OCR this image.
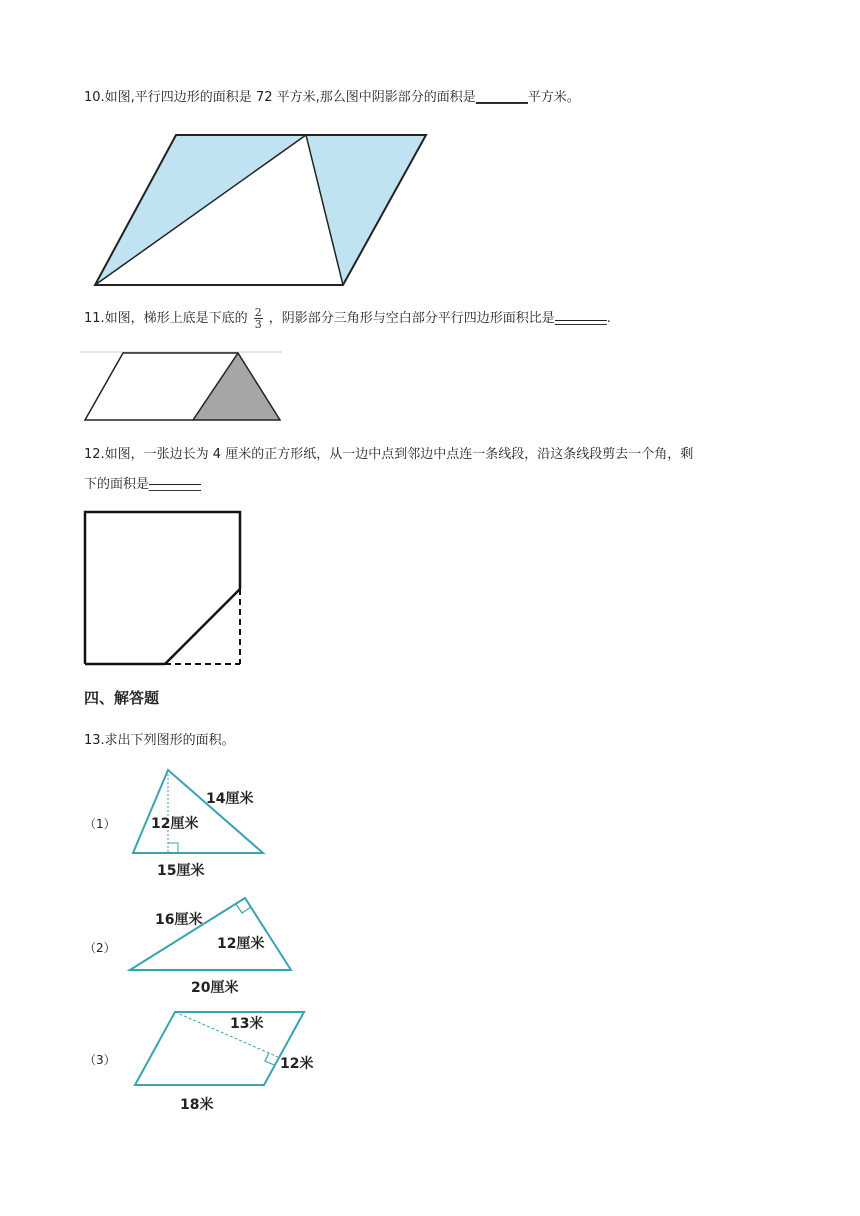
10.如图,平行四边形的面积是 72 平方米,那么图中阴影部分的面积是________平方米。
11.如图，梯形上底是下底的 $\frac{2}{3}$ ，阴影部分三角形与空白部分平行四边形面积比是________.
12.如图，一张边长为 4 厘米的正方形纸，从一边中点到邻边中点连一条线段，沿这条线段剪去一个角，剩
下的面积是________
四、解答题
13.求出下列图形的面积。
（1）
14厘米
12厘米
15厘米
（2）
16厘米
12厘米
20厘米
（3）
13米
12米
18米
